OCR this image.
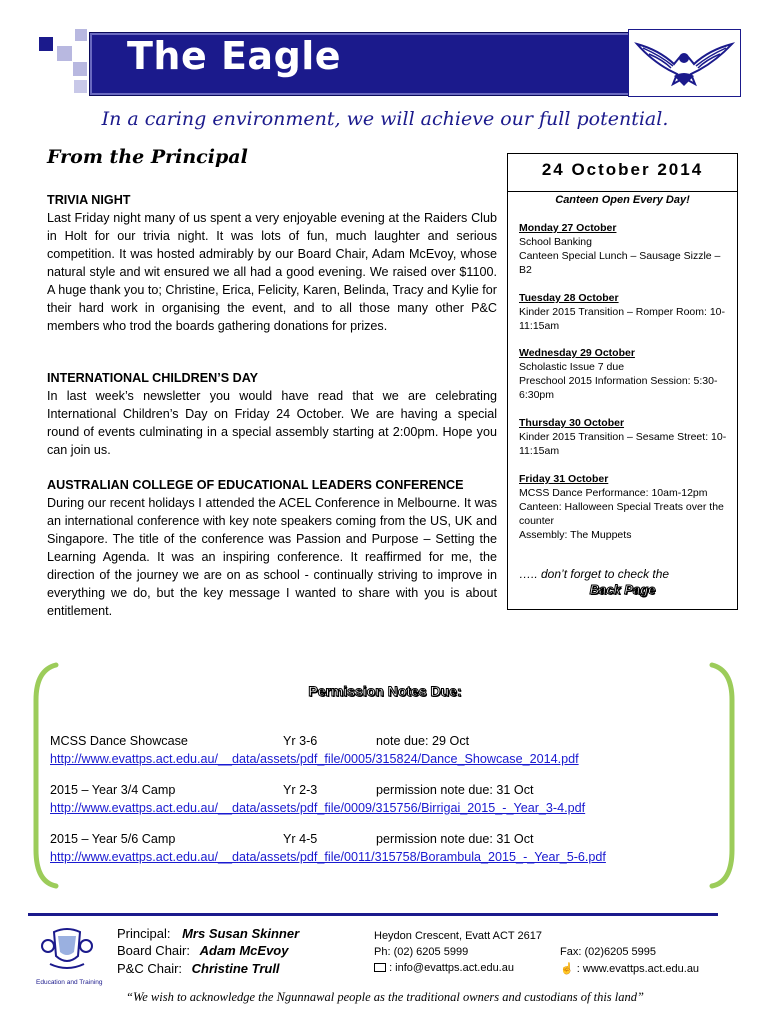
The Eagle
In a caring environment, we will achieve our full potential.
From the Principal
TRIVIA NIGHT

Last Friday night many of us spent a very enjoyable evening at the Raiders Club in Holt for our trivia night. It was lots of fun, much laughter and serious competition. It was hosted admirably by our Board Chair, Adam McEvoy, whose natural style and wit ensured we all had a good evening. We raised over $1100. A huge thank you to; Christine, Erica, Felicity, Karen, Belinda, Tracy and Kylie for their hard work in organising the event, and to all those many other P&C members who trod the boards gathering donations for prizes.

INTERNATIONAL CHILDREN’S DAY

In last week’s newsletter you would have read that we are celebrating International Children’s Day on Friday 24 October. We are having a special round of events culminating in a special assembly starting at 2:00pm. Hope you can join us.

AUSTRALIAN COLLEGE OF EDUCATIONAL LEADERS CONFERENCE

During our recent holidays I attended the ACEL Conference in Melbourne. It was an international conference with key note speakers coming from the US, UK and Singapore. The title of the conference was Passion and Purpose – Setting the Learning Agenda. It was an inspiring conference. It reaffirmed for me, the direction of the journey we are on as school - continually striving to improve in everything we do, but the key message I wanted to share with you is about entitlement.

24 October 2014
Canteen Open Every Day!
Monday 27 October
School Banking
Canteen Special Lunch – Sausage Sizzle – B2
Tuesday 28 October
Kinder 2015 Transition – Romper Room: 10-11:15am
Wednesday 29 October
Scholastic Issue 7 due
Preschool 2015 Information Session: 5:30-6:30pm
Thursday 30 October
Kinder 2015 Transition – Sesame Street: 10-11:15am
Friday 31 October
MCSS Dance Performance: 10am-12pm
Canteen: Halloween Special Treats over the counter
Assembly: The Muppets
….. don’t forget to check the
Back Page
Permission Notes Due:
MCSS Dance Showcase	Yr 3-6	note due: 29 Oct
http://www.evattps.act.edu.au/__data/assets/pdf_file/0005/315824/Dance_Showcase_2014.pdf
2015 – Year 3/4 Camp	Yr 2-3	permission note due: 31 Oct
http://www.evattps.act.edu.au/__data/assets/pdf_file/0009/315756/Birrigai_2015_-_Year_3-4.pdf
2015 – Year 5/6 Camp	Yr 4-5	permission note due: 31 Oct
http://www.evattps.act.edu.au/__data/assets/pdf_file/0011/315758/Borambula_2015_-_Year_5-6.pdf
Education and Training
Principal: Mrs Susan Skinner
Board Chair: Adam McEvoy
P&C Chair: Christine Trull
Heydon Crescent, Evatt ACT 2617
Ph: (02) 6205 5999	Fax: (02)6205 5995
: info@evattps.act.edu.au	☝ : www.evattps.act.edu.au
“We wish to acknowledge the Ngunnawal people as the traditional owners and custodians of this land”
